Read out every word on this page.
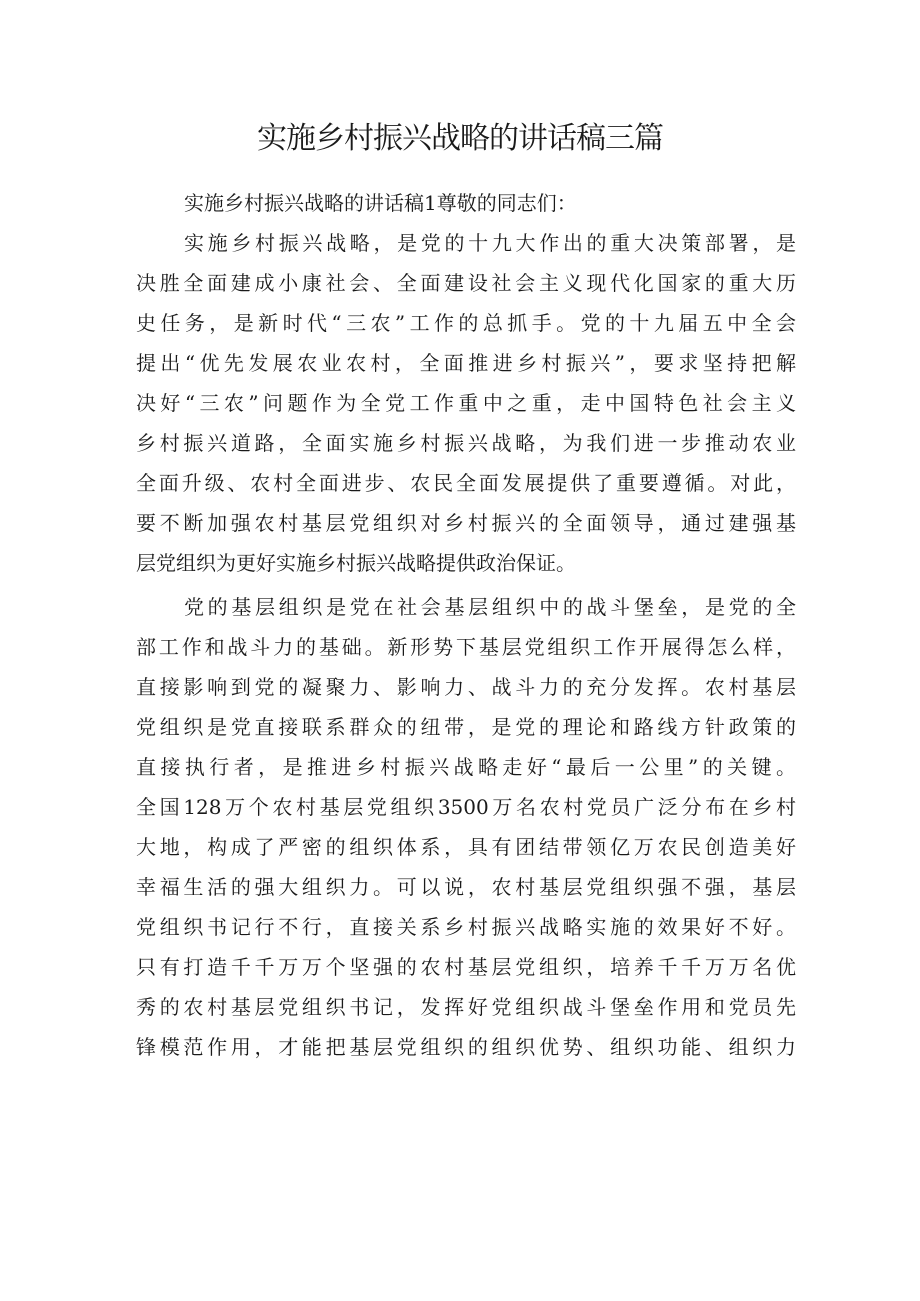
实施乡村振兴战略的讲话稿三篇
实施乡村振兴战略的讲话稿1尊敬的同志们：
实施乡村振兴战略，是党的十九大作出的重大决策部署，是
决胜全面建成小康社会、全面建设社会主义现代化国家的重大历
史任务，是新时代“三农”工作的总抓手。党的十九届五中全会
提出“优先发展农业农村，全面推进乡村振兴”，要求坚持把解
决好“三农”问题作为全党工作重中之重，走中国特色社会主义
乡村振兴道路，全面实施乡村振兴战略，为我们进一步推动农业
全面升级、农村全面进步、农民全面发展提供了重要遵循。对此，
要不断加强农村基层党组织对乡村振兴的全面领导，通过建强基
层党组织为更好实施乡村振兴战略提供政治保证。
党的基层组织是党在社会基层组织中的战斗堡垒，是党的全
部工作和战斗力的基础。新形势下基层党组织工作开展得怎么样，
直接影响到党的凝聚力、影响力、战斗力的充分发挥。农村基层
党组织是党直接联系群众的纽带，是党的理论和路线方针政策的
直接执行者，是推进乡村振兴战略走好“最后一公里”的关键。
全国128万个农村基层党组织3500万名农村党员广泛分布在乡村
大地，构成了严密的组织体系，具有团结带领亿万农民创造美好
幸福生活的强大组织力。可以说，农村基层党组织强不强，基层
党组织书记行不行，直接关系乡村振兴战略实施的效果好不好。
只有打造千千万万个坚强的农村基层党组织，培养千千万万名优
秀的农村基层党组织书记，发挥好党组织战斗堡垒作用和党员先
锋模范作用，才能把基层党组织的组织优势、组织功能、组织力
